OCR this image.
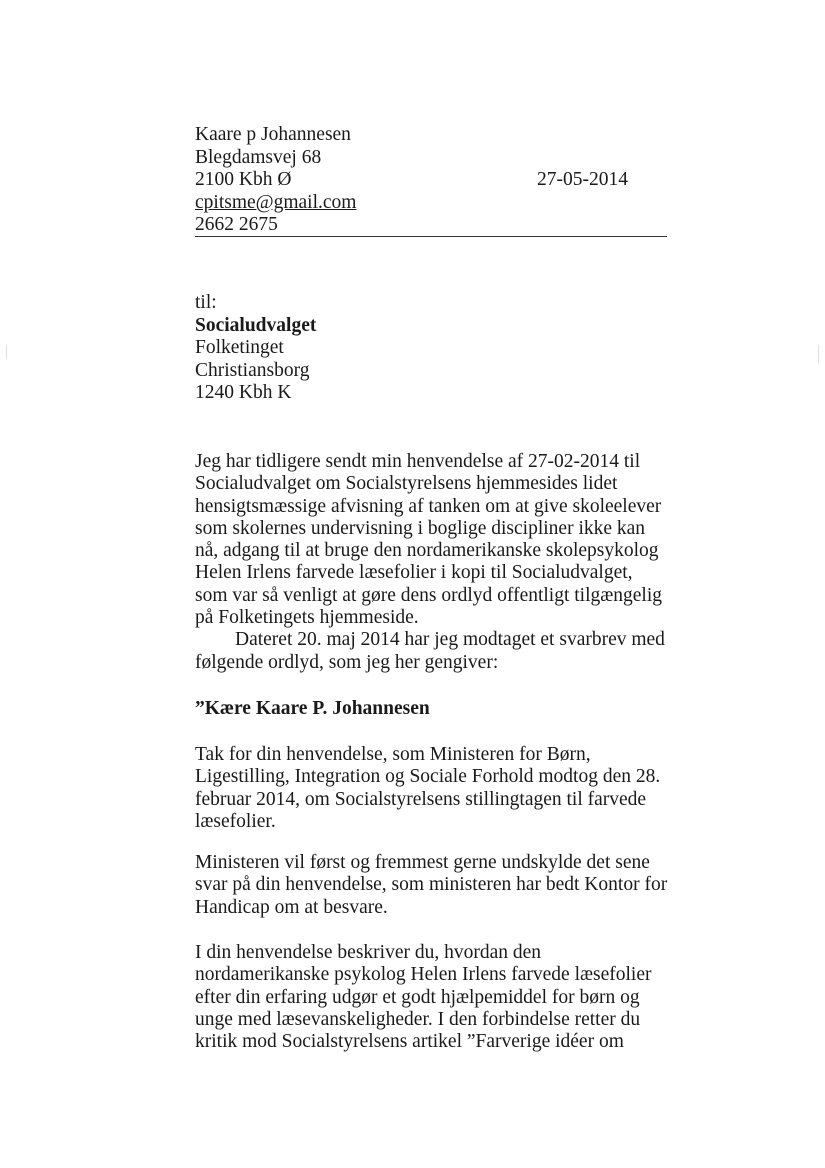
Kaare p Johannesen
Blegdamsvej 68
2100 Kbh Ø
cpitsme@gmail.com
2662 2675
27-05-2014
til:
Socialudvalget
Folketinget
Christiansborg
1240 Kbh K

Jeg har tidligere sendt min henvendelse af 27-02-2014 til

Socialudvalget om Socialstyrelsens hjemmesides lidet

hensigtsmæssige afvisning af tanken om at give skoleelever

som skolernes undervisning i boglige discipliner ikke kan

nå, adgang til at bruge den nordamerikanske skolepsykolog

Helen Irlens farvede læsefolier i kopi til Socialudvalget,

som var så venligt at gøre dens ordlyd offentligt tilgængelig

på Folketingets hjemmeside.

Dateret 20. maj 2014 har jeg modtaget et svarbrev med

følgende ordlyd, som jeg her gengiver:

”Kære Kaare P. Johannesen

Tak for din henvendelse, som Ministeren for Børn,

Ligestilling, Integration og Sociale Forhold modtog den 28.

februar 2014, om Socialstyrelsens stillingtagen til farvede

læsefolier.

Ministeren vil først og fremmest gerne undskylde det sene

svar på din henvendelse, som ministeren har bedt Kontor for

Handicap om at besvare.

I din henvendelse beskriver du, hvordan den

nordamerikanske psykolog Helen Irlens farvede læsefolier

efter din erfaring udgør et godt hjælpemiddel for børn og

unge med læsevanskeligheder. I den forbindelse retter du

kritik mod Socialstyrelsens artikel ”Farverige idéer om
